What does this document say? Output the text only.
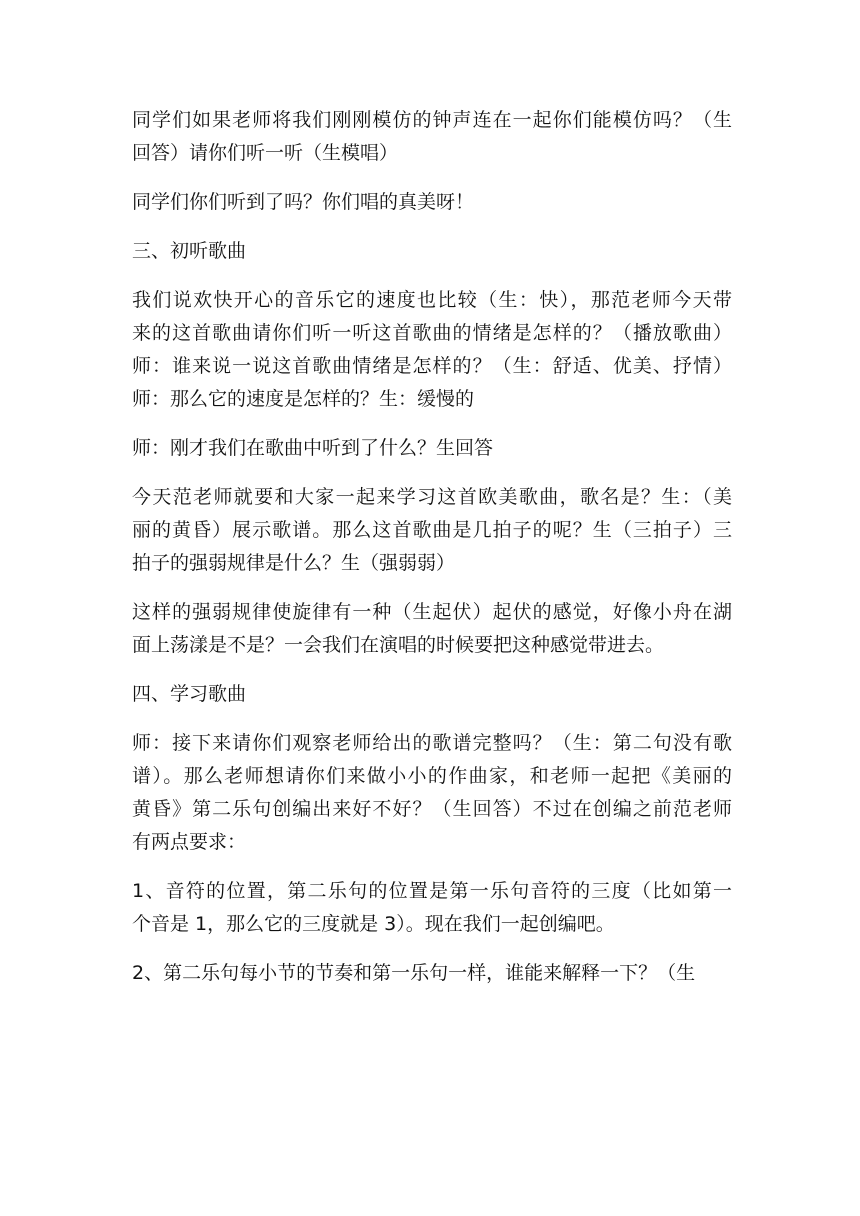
同学们如果老师将我们刚刚模仿的钟声连在一起你们能模仿吗？（生

回答）请你们听一听（生模唱）

同学们你们听到了吗？你们唱的真美呀！

三、初听歌曲

我们说欢快开心的音乐它的速度也比较（生：快），那范老师今天带

来的这首歌曲请你们听一听这首歌曲的情绪是怎样的？（播放歌曲）

师：谁来说一说这首歌曲情绪是怎样的？（生：舒适、优美、抒情）

师：那么它的速度是怎样的？生：缓慢的

师：刚才我们在歌曲中听到了什么？生回答

今天范老师就要和大家一起来学习这首欧美歌曲，歌名是？生：（美

丽的黄昏）展示歌谱。那么这首歌曲是几拍子的呢？生（三拍子）三

拍子的强弱规律是什么？生（强弱弱）

这样的强弱规律使旋律有一种（生起伏）起伏的感觉，好像小舟在湖

面上荡漾是不是？一会我们在演唱的时候要把这种感觉带进去。

四、学习歌曲

师：接下来请你们观察老师给出的歌谱完整吗？（生：第二句没有歌

谱）。那么老师想请你们来做小小的作曲家，和老师一起把《美丽的

黄昏》第二乐句创编出来好不好？（生回答）不过在创编之前范老师

有两点要求：

1、音符的位置，第二乐句的位置是第一乐句音符的三度（比如第一

个音是 1，那么它的三度就是 3）。现在我们一起创编吧。

2、第二乐句每小节的节奏和第一乐句一样，谁能来解释一下？（生
